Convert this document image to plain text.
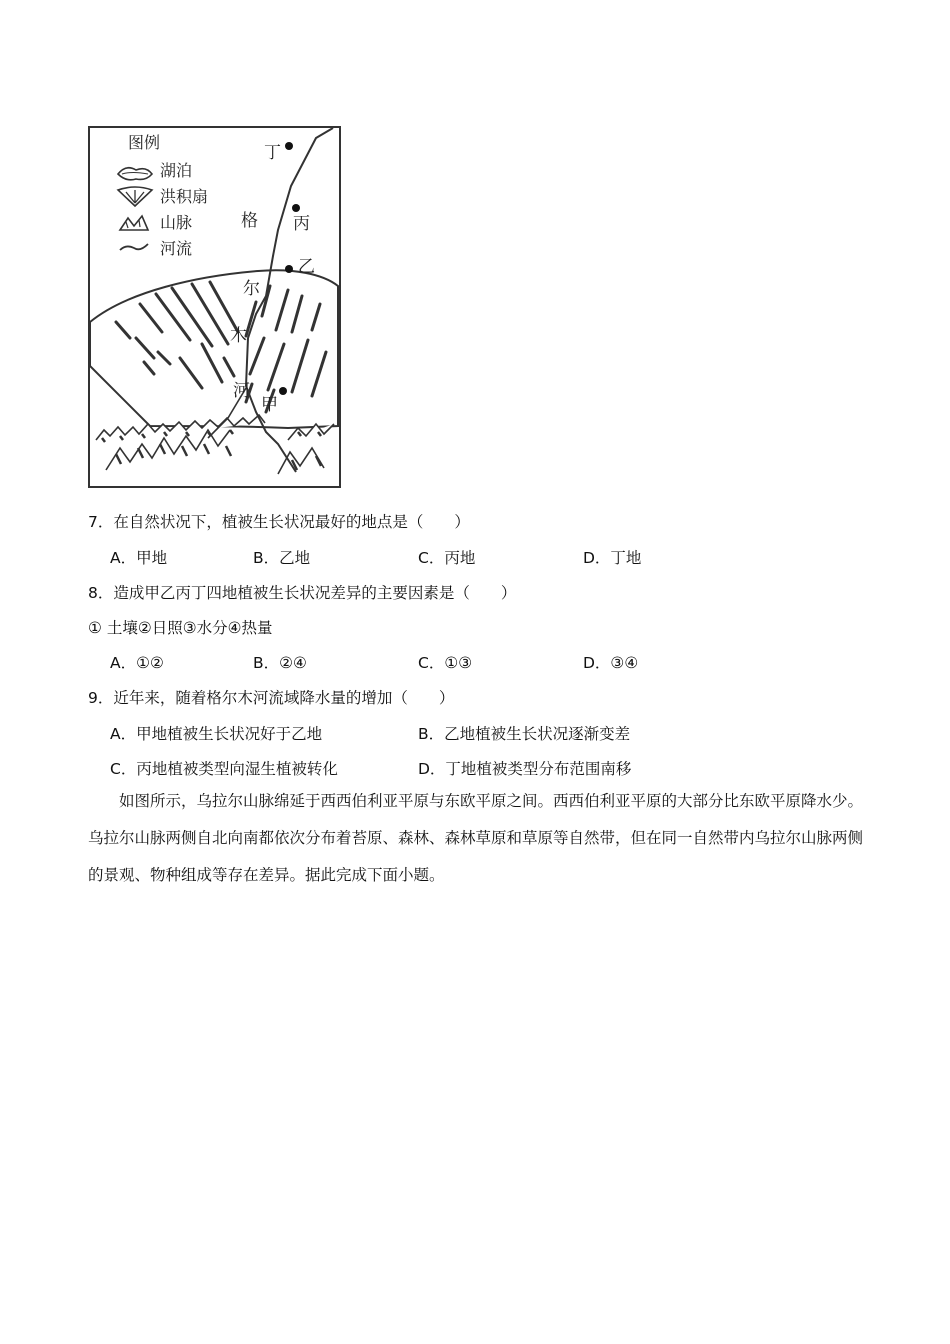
图例
湖泊
洪积扇
山脉
河流
格
尔
木
河
丁
丙
乙
甲
7．在自然状况下，植被生长状况最好的地点是（　　）
A．甲地	B．乙地	C．丙地	D．丁地
8．造成甲乙丙丁四地植被生长状况差异的主要因素是（　　）
① 土壤②日照③水分④热量
A．①②	B．②④	C．①③	D．③④
9．近年来，随着格尔木河流域降水量的增加（　　）
A．甲地植被生长状况好于乙地	B．乙地植被生长状况逐渐变差
C．丙地植被类型向湿生植被转化	D．丁地植被类型分布范围南移
如图所示，乌拉尔山脉绵延于西西伯利亚平原与东欧平原之间。西西伯利亚平原的大部分比东欧平原降水少。乌拉尔山脉两侧自北向南都依次分布着苔原、森林、森林草原和草原等自然带，但在同一自然带内乌拉尔山脉两侧的景观、物种组成等存在差异。据此完成下面小题。
